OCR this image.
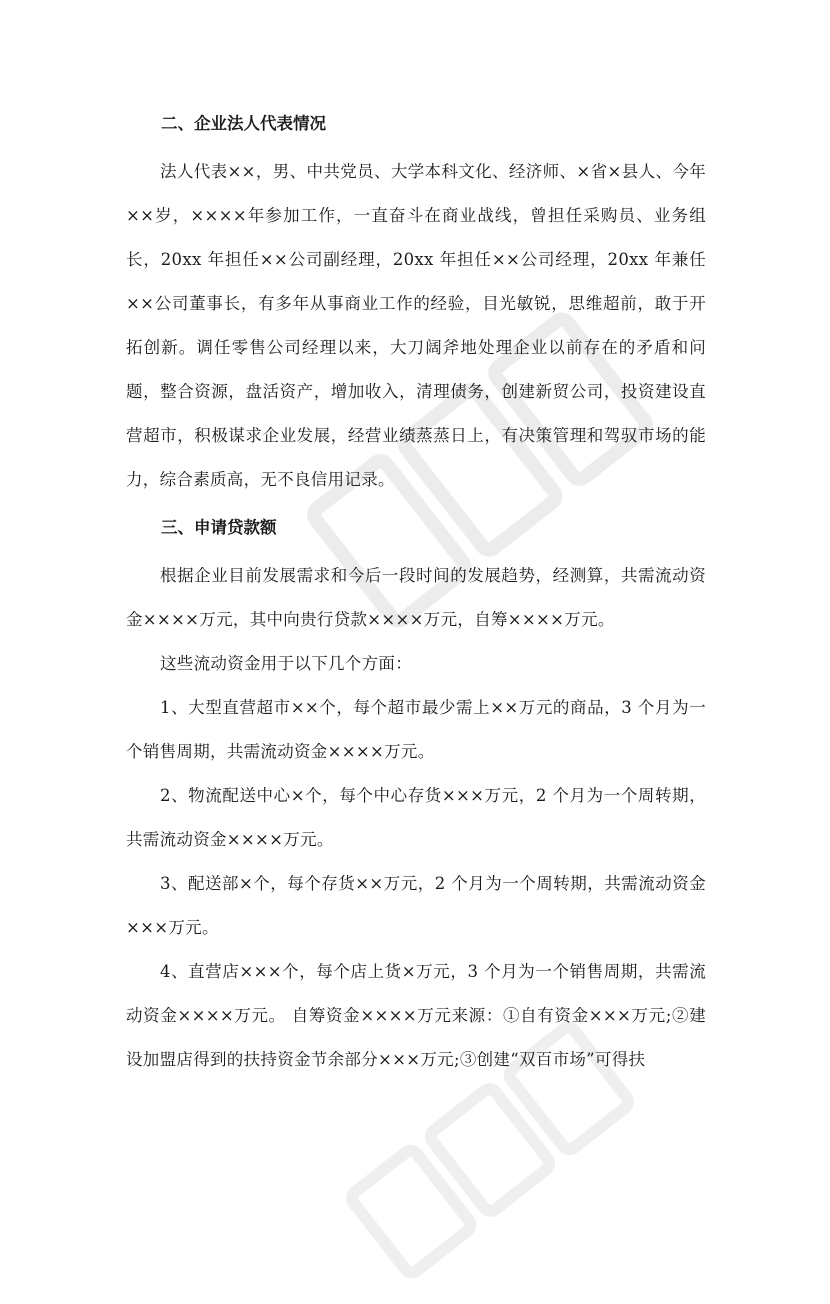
二、企业法人代表情况

法人代表××，男、中共党员、大学本科文化、经济师、×省×县人、今年××岁，××××年参加工作，一直奋斗在商业战线，曾担任采购员、业务组长，20xx 年担任××公司副经理，20xx 年担任××公司经理，20xx 年兼任××公司董事长，有多年从事商业工作的经验，目光敏锐，思维超前，敢于开拓创新。调任零售公司经理以来，大刀阔斧地处理企业以前存在的矛盾和问题，整合资源，盘活资产，增加收入，清理债务，创建新贸公司，投资建设直营超市，积极谋求企业发展，经营业绩蒸蒸日上，有决策管理和驾驭市场的能力，综合素质高，无不良信用记录。

三、申请贷款额

根据企业目前发展需求和今后一段时间的发展趋势，经测算，共需流动资金××××万元，其中向贵行贷款××××万元，自筹××××万元。

这些流动资金用于以下几个方面：

1、大型直营超市××个，每个超市最少需上××万元的商品，3 个月为一个销售周期，共需流动资金××××万元。

2、物流配送中心×个，每个中心存货×××万元，2 个月为一个周转期，共需流动资金××××万元。

3、配送部×个，每个存货××万元，2 个月为一个周转期，共需流动资金×××万元。

4、直营店×××个，每个店上货×万元，3 个月为一个销售周期，共需流动资金××××万元。 自筹资金××××万元来源：①自有资金×××万元;②建设加盟店得到的扶持资金节余部分×××万元;③创建“双百市场”可得扶
